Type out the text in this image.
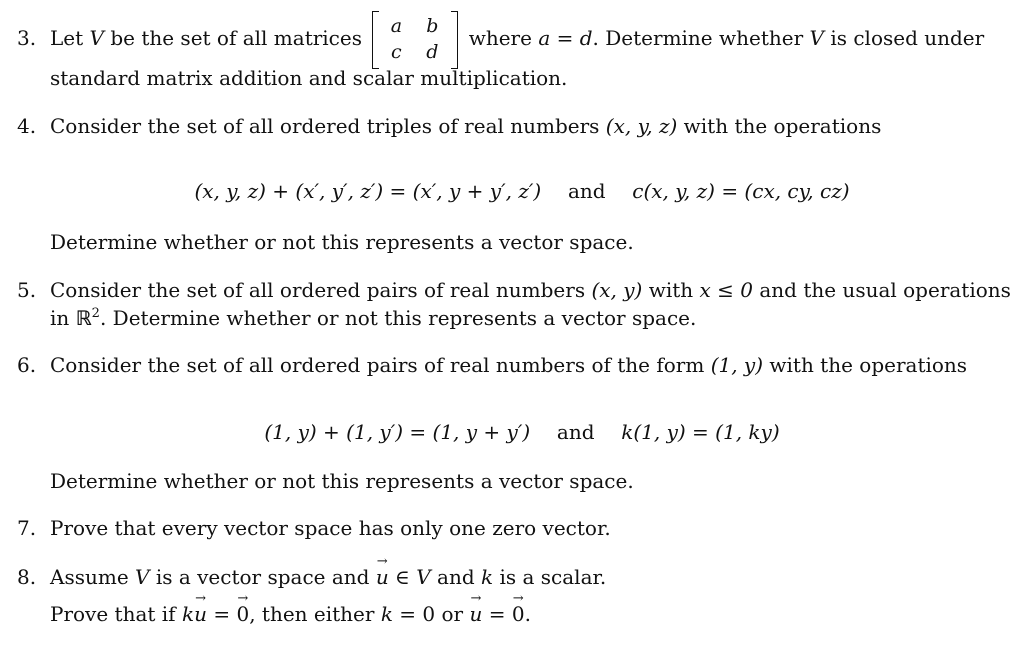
3. Let V be the set of all matrices
a b
c d
where a = d. Determine whether V is closed under
standard matrix addition and scalar multiplication.
4. Consider the set of all ordered triples of real numbers (x, y, z) with the operations
(x, y, z) + (x′, y′, z′) = (x′, y + y′, z′) and c(x, y, z) = (cx, cy, cz)
Determine whether or not this represents a vector space.
5. Consider the set of all ordered pairs of real numbers (x, y) with x ≤ 0 and the usual operations
in ℝ$^2$. Determine whether or not this represents a vector space.
6. Consider the set of all ordered pairs of real numbers of the form (1, y) with the operations
(1, y) + (1, y′) = (1, y + y′) and k(1, y) = (1, ky)
Determine whether or not this represents a vector space.
7. Prove that every vector space has only one zero vector.
8. Assume V is a vector space and u → ∈ V and k is a scalar.
Prove that if ku → = 0 →, then either k = 0 or u → = 0 →.
